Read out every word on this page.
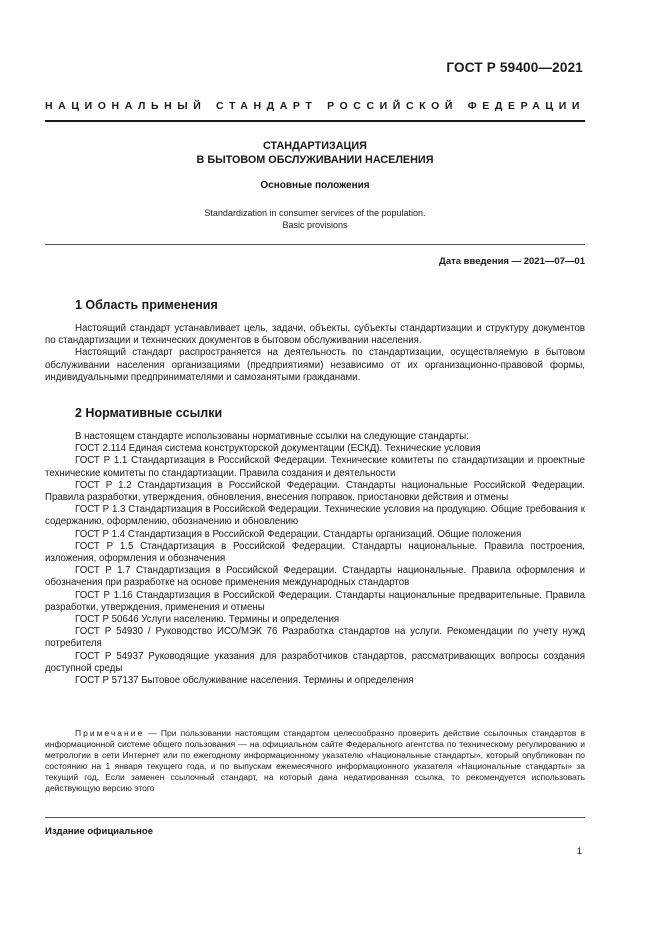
ГОСТ Р 59400—2021
НАЦИОНАЛЬНЫЙ СТАНДАРТ РОССИЙСКОЙ ФЕДЕРАЦИИ
СТАНДАРТИЗАЦИЯ
В БЫТОВОМ ОБСЛУЖИВАНИИ НАСЕЛЕНИЯ
Основные положения
Standardization in consumer services of the population.
Basic provisions
Дата введения — 2021—07—01
1 Область применения

Настоящий стандарт устанавливает цель, задачи, объекты, субъекты стандартизации и структуру документов по стандартизации и технических документов в бытовом обслуживании населения.

Настоящий стандарт распространяется на деятельность по стандартизации, осуществляемую в бытовом обслуживании населения организациями (предприятиями) независимо от их организационно-правовой формы, индивидуальными предпринимателями и самозанятыми гражданами.

2 Нормативные ссылки

В настоящем стандарте использованы нормативные ссылки на следующие стандарты:

ГОСТ 2.114 Единая система конструкторской документации (ЕСКД). Технические условия

ГОСТ Р 1.1 Стандартизация в Российской Федерации. Технические комитеты по стандартизации и проектные технические комитеты по стандартизации. Правила создания и деятельности

ГОСТ Р 1.2 Стандартизация в Российской Федерации. Стандарты национальные Российской Федерации. Правила разработки, утверждения, обновления, внесения поправок, приостановки действия и отмены

ГОСТ Р 1.3 Стандартизация в Российской Федерации. Технические условия на продукцию. Общие требования к содержанию, оформлению, обозначению и обновлению

ГОСТ Р 1.4 Стандартизация в Российской Федерации. Стандарты организаций. Общие положения

ГОСТ Р 1.5 Стандартизация в Российской Федерации. Стандарты национальные. Правила построения, изложения, оформления и обозначения

ГОСТ Р 1.7 Стандартизация в Российской Федерации. Стандарты национальные. Правила оформления и обозначения при разработке на основе применения международных стандартов

ГОСТ Р 1.16 Стандартизация в Российской Федерации. Стандарты национальные предварительные. Правила разработки, утверждения, применения и отмены

ГОСТ Р 50646 Услуги населению. Термины и определения

ГОСТ Р 54930 / Руководство ИСО/МЭК 76 Разработка стандартов на услуги. Рекомендации по учету нужд потребителя

ГОСТ Р 54937 Руководящие указания для разработчиков стандартов, рассматривающих вопросы создания доступной среды

ГОСТ Р 57137 Бытовое обслуживание населения. Термины и определения

Примечание — При пользовании настоящим стандартом целесообразно проверить действие ссылочных стандартов в информационной системе общего пользования — на официальном сайте Федерального агентства по техническому регулированию и метрологии в сети Интернет или по ежегодному информационному указателю «Национальные стандарты», который опубликован по состоянию на 1 января текущего года, и по выпускам ежемесячного информационного указателя «Национальные стандарты» за текущий год. Если заменен ссылочный стандарт, на который дана недатированная ссылка, то рекомендуется использовать действующую версию этого
Издание официальное
1
